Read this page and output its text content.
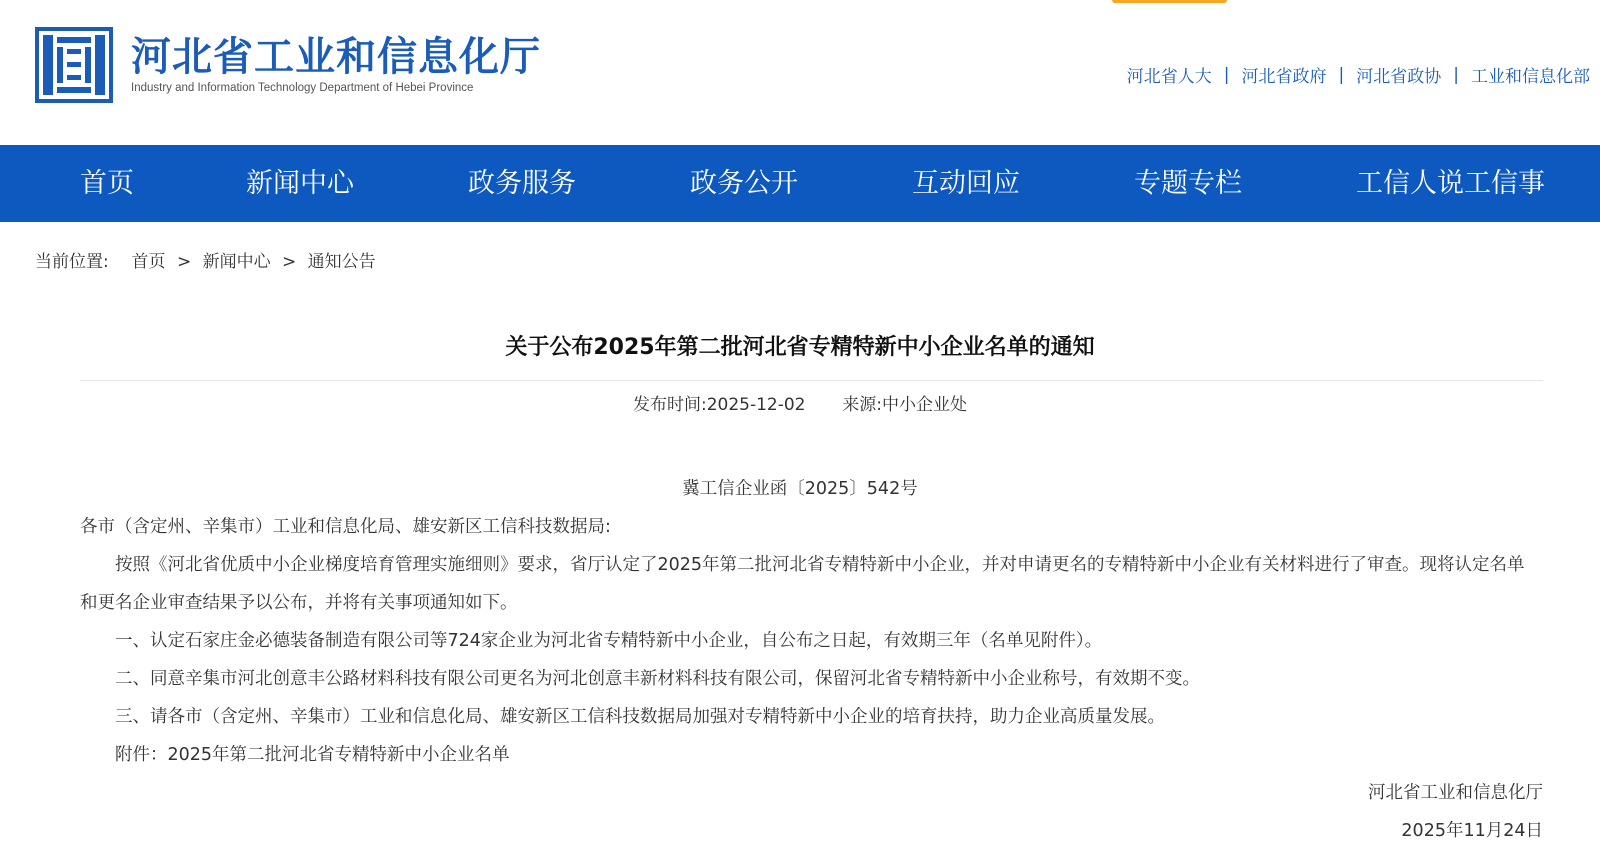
河北省工业和信息化厅
Industry and Information Technology Department of Hebei Province
河北省人大 | 河北省政府 | 河北省政协 | 工业和信息化部
首页	新闻中心	政务服务	政务公开	互动回应	专题专栏	工信人说工信事
当前位置: 首页 > 新闻中心 > 通知公告
关于公布2025年第二批河北省专精特新中小企业名单的通知
发布时间:2025-12-02 来源:中小企业处
冀工信企业函〔2025〕542号
各市（含定州、辛集市）工业和信息化局、雄安新区工信科技数据局:
按照《河北省优质中小企业梯度培育管理实施细则》要求，省厅认定了2025年第二批河北省专精特新中小企业，并对申请更名的专精特新中小企业有关材料进行了审查。现将认定名单
和更名企业审查结果予以公布，并将有关事项通知如下。
一、认定石家庄金必德装备制造有限公司等724家企业为河北省专精特新中小企业，自公布之日起，有效期三年（名单见附件）。
二、同意辛集市河北创意丰公路材料科技有限公司更名为河北创意丰新材料科技有限公司，保留河北省专精特新中小企业称号，有效期不变。
三、请各市（含定州、辛集市）工业和信息化局、雄安新区工信科技数据局加强对专精特新中小企业的培育扶持，助力企业高质量发展。
附件：2025年第二批河北省专精特新中小企业名单
河北省工业和信息化厅
2025年11月24日
